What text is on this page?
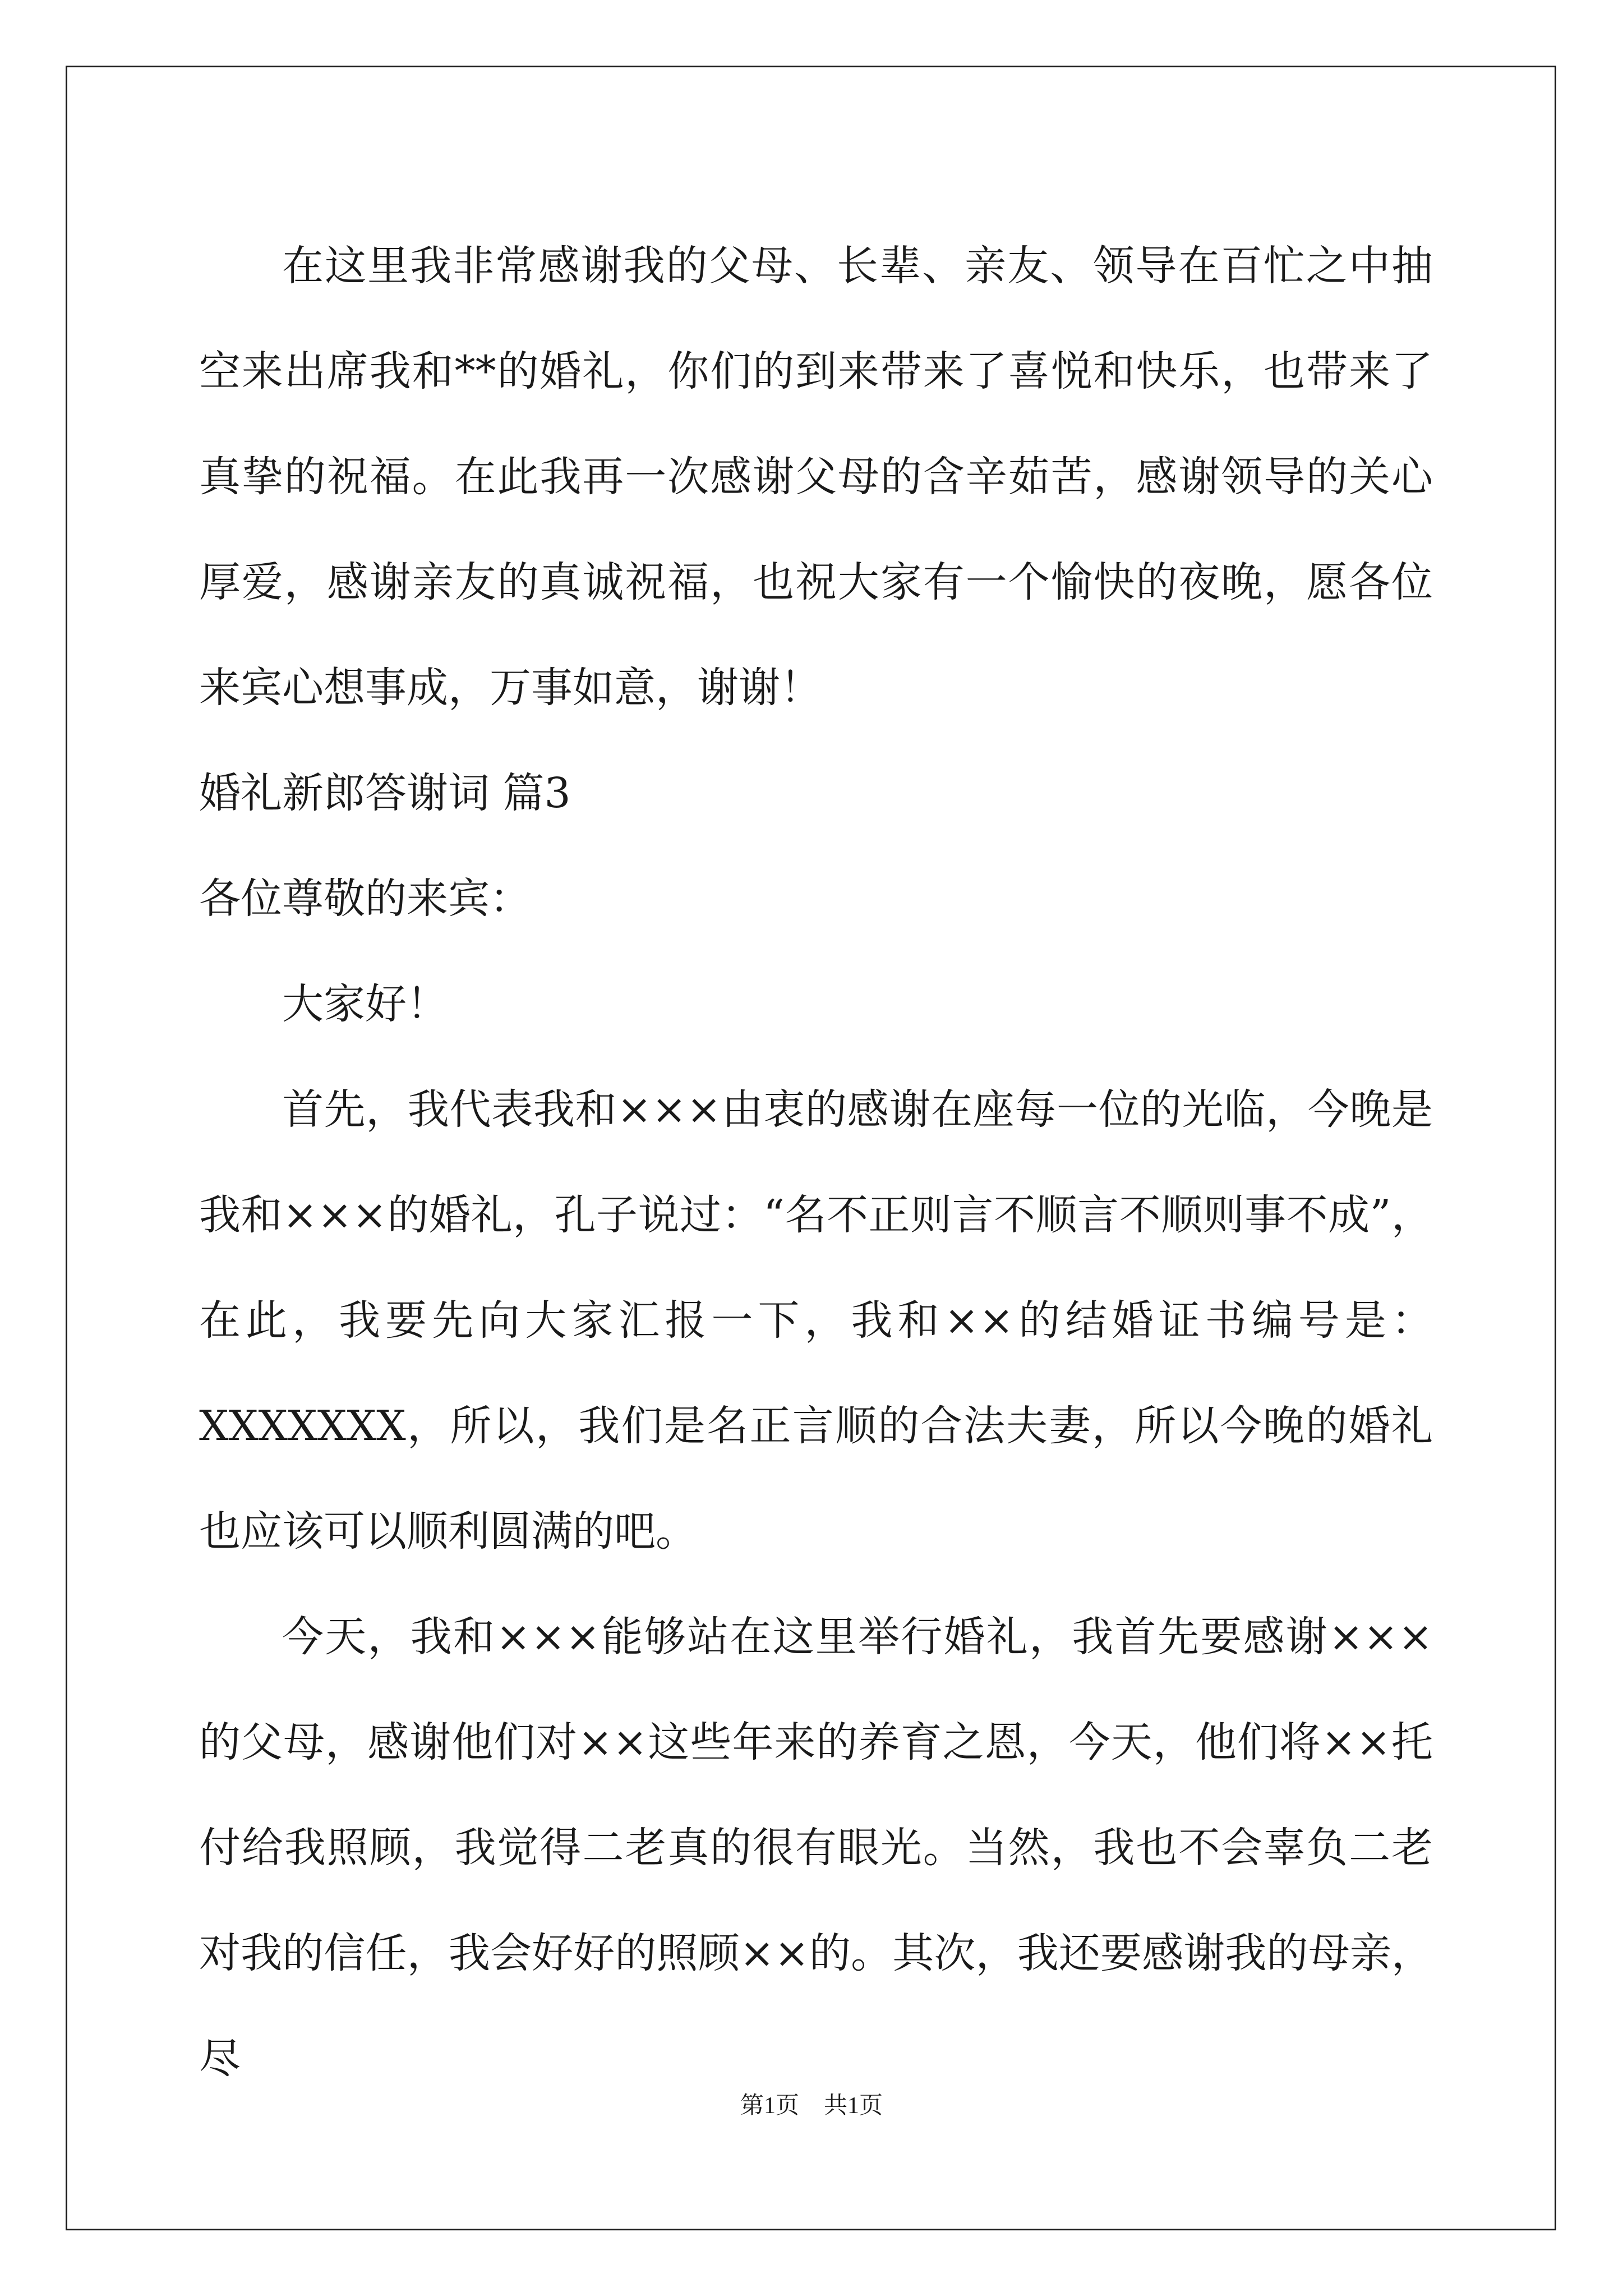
在这里我非常感谢我的父母、长辈、亲友、领导在百忙之中抽空来出席我和**的婚礼，你们的到来带来了喜悦和快乐，也带来了真挚的祝福。在此我再一次感谢父母的含辛茹苦，感谢领导的关心厚爱，感谢亲友的真诚祝福，也祝大家有一个愉快的夜晚，愿各位来宾心想事成，万事如意，谢谢！

婚礼新郎答谢词 篇3

各位尊敬的来宾：

大家好！

首先，我代表我和×××由衷的感谢在座每一位的光临，今晚是我和×××的婚礼，孔子说过：“名不正则言不顺言不顺则事不成”，在此，我要先向大家汇报一下，我和××的结婚证书编号是：XXXXXXX，所以，我们是名正言顺的合法夫妻，所以今晚的婚礼也应该可以顺利圆满的吧。

今天，我和×××能够站在这里举行婚礼，我首先要感谢×××的父母，感谢他们对××这些年来的养育之恩，今天，他们将××托付给我照顾，我觉得二老真的很有眼光。当然，我也不会辜负二老对我的信任，我会好好的照顾××的。其次，我还要感谢我的母亲，尽

第1页 共1页
